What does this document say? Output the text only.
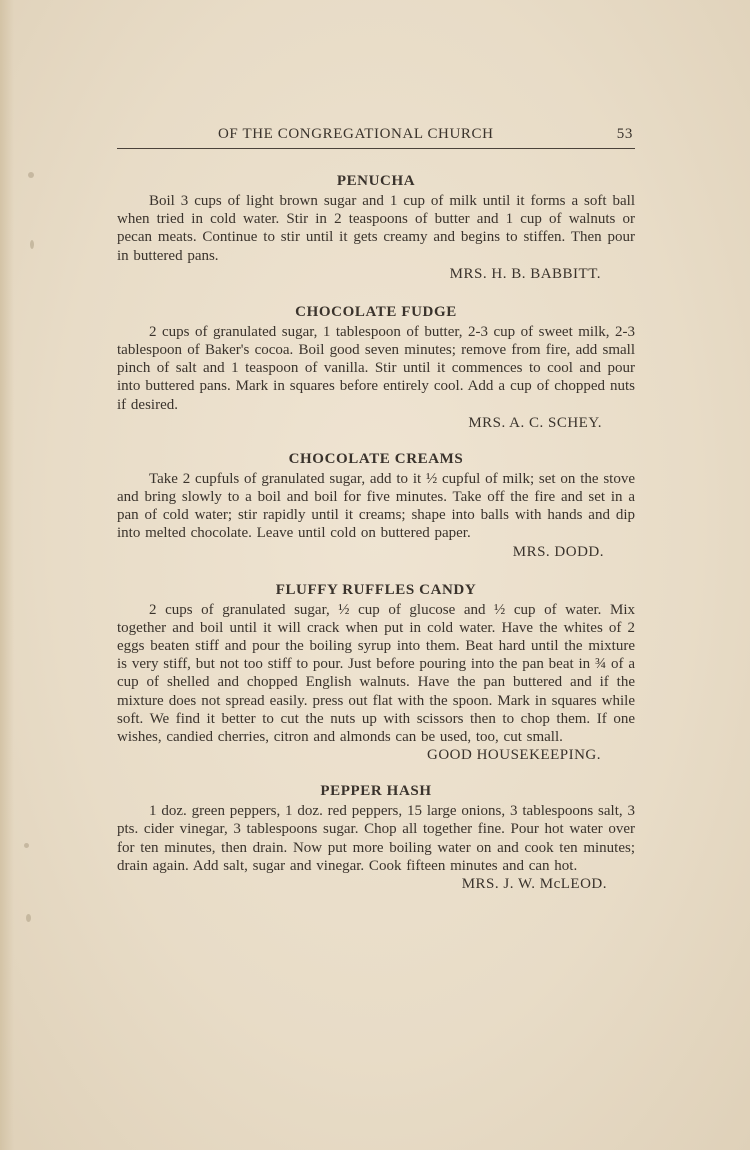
OF THE CONGREGATIONAL CHURCH	53
PENUCHA

Boil 3 cups of light brown sugar and 1 cup of milk until it forms a soft ball when tried in cold water. Stir in 2 teaspoons of butter and 1 cup of walnuts or pecan meats. Continue to stir until it gets creamy and begins to stiffen. Then pour in buttered pans.

MRS. H. B. BABBITT.
CHOCOLATE FUDGE

2 cups of granulated sugar, 1 tablespoon of butter, 2-3 cup of sweet milk, 2-3 tablespoon of Baker's cocoa. Boil good seven minutes; remove from fire, add small pinch of salt and 1 teaspoon of vanilla. Stir until it commences to cool and pour into buttered pans. Mark in squares before entirely cool. Add a cup of chopped nuts if desired.

MRS. A. C. SCHEY.
CHOCOLATE CREAMS

Take 2 cupfuls of granulated sugar, add to it ½ cupful of milk; set on the stove and bring slowly to a boil and boil for five minutes. Take off the fire and set in a pan of cold water; stir rapidly until it creams; shape into balls with hands and dip into melted chocolate. Leave until cold on buttered paper.

MRS. DODD.
FLUFFY RUFFLES CANDY

2 cups of granulated sugar, ½ cup of glucose and ½ cup of water. Mix together and boil until it will crack when put in cold water. Have the whites of 2 eggs beaten stiff and pour the boiling syrup into them. Beat hard until the mixture is very stiff, but not too stiff to pour. Just before pouring into the pan beat in ¾ of a cup of shelled and chopped English walnuts. Have the pan buttered and if the mixture does not spread easily. press out flat with the spoon. Mark in squares while soft. We find it better to cut the nuts up with scissors then to chop them. If one wishes, candied cherries, citron and almonds can be used, too, cut small.

GOOD HOUSEKEEPING.
PEPPER HASH

1 doz. green peppers, 1 doz. red peppers, 15 large onions, 3 tablespoons salt, 3 pts. cider vinegar, 3 tablespoons sugar. Chop all together fine. Pour hot water over for ten minutes, then drain. Now put more boiling water on and cook ten minutes; drain again. Add salt, sugar and vinegar. Cook fifteen minutes and can hot.

MRS. J. W. McLEOD.
